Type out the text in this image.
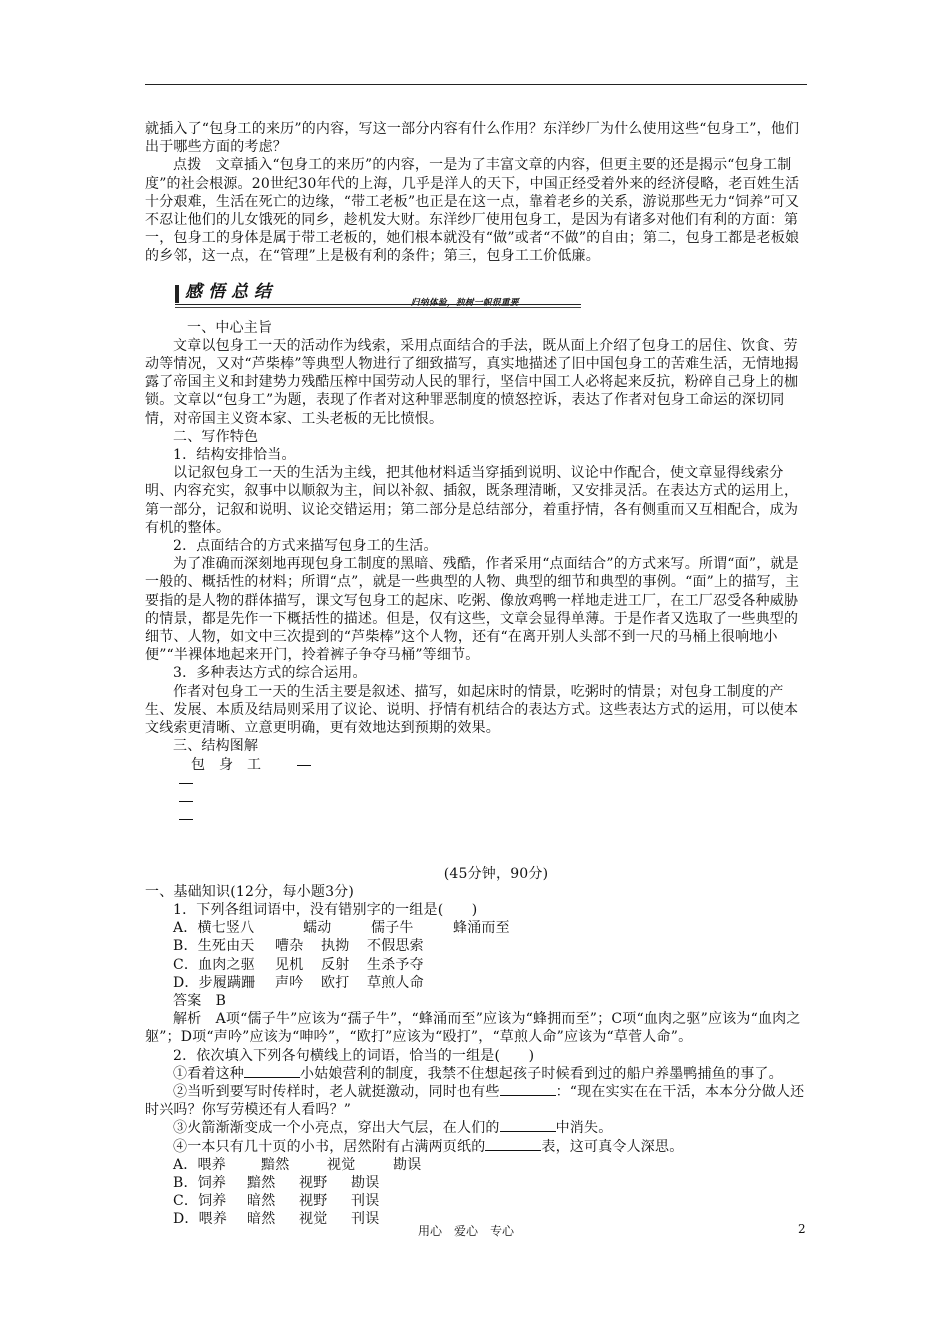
就插入了“包身工的来历”的内容，写这一部分内容有什么作用？东洋纱厂为什么使用这些“包身工”，他们出于哪些方面的考虑？

点拨　文章插入“包身工的来历”的内容，一是为了丰富文章的内容，但更主要的还是揭示“包身工制度”的社会根源。20世纪30年代的上海，几乎是洋人的天下，中国正经受着外来的经济侵略，老百姓生活十分艰难，生活在死亡的边缘，“带工老板”也正是在这一点，靠着老乡的关系，游说那些无力“饲养”可又不忍让他们的儿女饿死的同乡，趁机发大财。东洋纱厂使用包身工，是因为有诸多对他们有利的方面：第一，包身工的身体是属于带工老板的，她们根本就没有“做”或者“不做”的自由；第二，包身工都是老板娘的乡邻，这一点，在“管理”上是极有利的条件；第三，包身工工价低廉。

感悟总结
归纳体验，独树一帜很重要

一、中心主旨

文章以包身工一天的活动作为线索，采用点面结合的手法，既从面上介绍了包身工的居住、饮食、劳动等情况，又对“芦柴棒”等典型人物进行了细致描写，真实地描述了旧中国包身工的苦难生活，无情地揭露了帝国主义和封建势力残酷压榨中国劳动人民的罪行，坚信中国工人必将起来反抗，粉碎自己身上的枷锁。文章以“包身工”为题，表现了作者对这种罪恶制度的愤怒控诉，表达了作者对包身工命运的深切同情，对帝国主义资本家、工头老板的无比愤恨。

二、写作特色

1．结构安排恰当。

以记叙包身工一天的生活为主线，把其他材料适当穿插到说明、议论中作配合，使文章显得线索分明、内容充实，叙事中以顺叙为主，间以补叙、插叙，既条理清晰，又安排灵活。在表达方式的运用上，第一部分，记叙和说明、议论交错运用；第二部分是总结部分，着重抒情，各有侧重而又互相配合，成为有机的整体。

2．点面结合的方式来描写包身工的生活。

为了准确而深刻地再现包身工制度的黑暗、残酷，作者采用“点面结合”的方式来写。所谓“面”，就是一般的、概括性的材料；所谓“点”，就是一些典型的人物、典型的细节和典型的事例。“面”上的描写，主要指的是人物的群体描写，课文写包身工的起床、吃粥、像放鸡鸭一样地走进工厂，在工厂忍受各种威胁的情景，都是先作一下概括性的描述。但是，仅有这些，文章会显得单薄。于是作者又选取了一些典型的细节、人物，如文中三次提到的“芦柴棒”这个人物，还有“在离开别人头部不到一尺的马桶上很响地小便”“半裸体地起来开门，拎着裤子争夺马桶”等细节。

3．多种表达方式的综合运用。

作者对包身工一天的生活主要是叙述、描写，如起床时的情景，吃粥时的情景；对包身工制度的产生、发展、本质及结局则采用了议论、说明、抒情有机结合的表达方式。这些表达方式的运用，可以使本文线索更清晰、立意更明确，更有效地达到预期的效果。

三、结构图解

包身工

(45分钟，90分)

一、基础知识(12分，每小题3分)

1．下列各组词语中，没有错别字的一组是(　　)

A．横七竖八	蠕动	儒子牛	蜂涌而至

B．生死由天 嘈杂 执拗 不假思索

C．血肉之驱 见机 反射 生杀予夺

D．步履蹒跚 声吟 欧打 草煎人命

答案　B

解析　A项“儒子牛”应该为“孺子牛”，“蜂涌而至”应该为“蜂拥而至”；C项“血肉之驱”应该为“血肉之躯”；D项“声吟”应该为“呻吟”，“欧打”应该为“殴打”，“草煎人命”应该为“草菅人命”。

2．依次填入下列各句横线上的词语，恰当的一组是(　　)

①看着这种	小姑娘营利的制度，我禁不住想起孩子时候看到过的船户养墨鸭捕鱼的事了。

②当听到要写时传样时，老人就挺激动，同时也有些	：“现在实实在在干活，本本分分做人还时兴吗？你写劳模还有人看吗？”

③火箭渐渐变成一个小亮点，穿出大气层，在人们的	中消失。

④一本只有几十页的小书，居然附有占满两页纸的	表，这可真令人深思。

A．喂养	黯然	视觉	勘误

B．饲养 黯然 视野 勘误

C．饲养 暗然 视野 刊误

D．喂养 暗然 视觉 刊误

用心　爱心　专心	2
